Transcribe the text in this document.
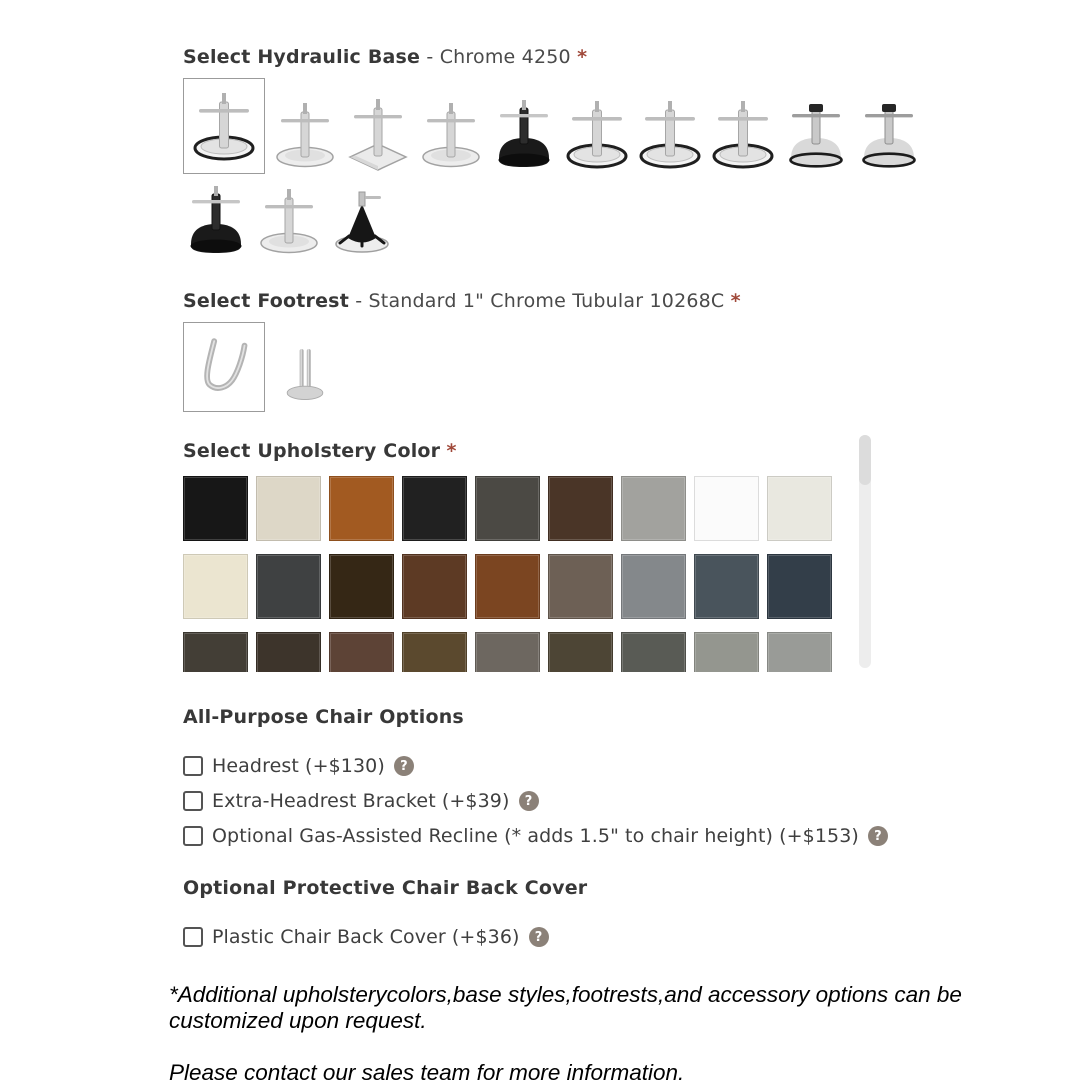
Select Hydraulic Base - Chrome 4250 *
Select Footrest - Standard 1" Chrome Tubular 10268C *
Select Upholstery Color *
All-Purpose Chair Options
Headrest (+$130)	?
Extra-Headrest Bracket (+$39)	?
Optional Gas-Assisted Recline (* adds 1.5" to chair height) (+$153)	?
Optional Protective Chair Back Cover
Plastic Chair Back Cover (+$36)	?

*Additional upholsterycolors,base styles,footrests,and accessory options can be customized upon request.

Please contact our sales team for more information.
